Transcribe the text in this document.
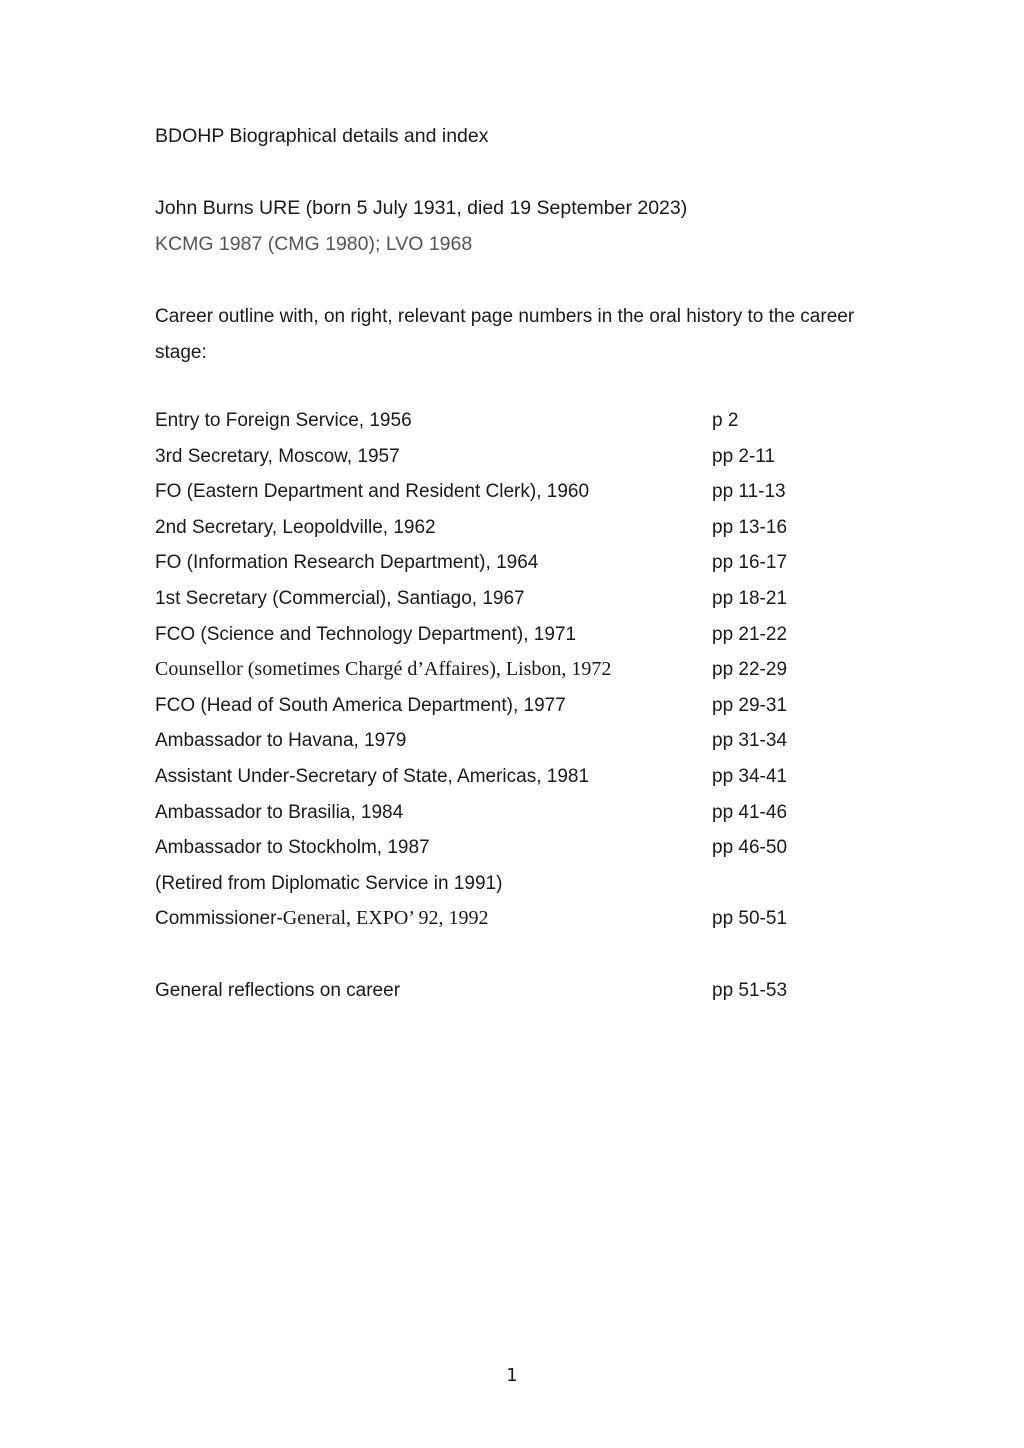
BDOHP Biographical details and index
John Burns URE (born 5 July 1931, died 19 September 2023)
KCMG 1987 (CMG 1980); LVO 1968
Career outline with, on right, relevant page numbers in the oral history to the career stage:
Entry to Foreign Service, 1956	p 2
3rd Secretary, Moscow, 1957	pp 2-11
FO (Eastern Department and Resident Clerk), 1960	pp 11-13
2nd Secretary, Leopoldville, 1962	pp 13-16
FO (Information Research Department), 1964	pp 16-17
1st Secretary (Commercial), Santiago, 1967	pp 18-21
FCO (Science and Technology Department), 1971	pp 21-22
Counsellor (sometimes Chargé d’Affaires), Lisbon, 1972	pp 22-29
FCO (Head of South America Department), 1977	pp 29-31
Ambassador to Havana, 1979	pp 31-34
Assistant Under-Secretary of State, Americas, 1981	pp 34-41
Ambassador to Brasilia, 1984	pp 41-46
Ambassador to Stockholm, 1987	pp 46-50
(Retired from Diplomatic Service in 1991)
Commissioner-General, EXPO’ 92, 1992	pp 50-51
General reflections on career	pp 51-53
1
